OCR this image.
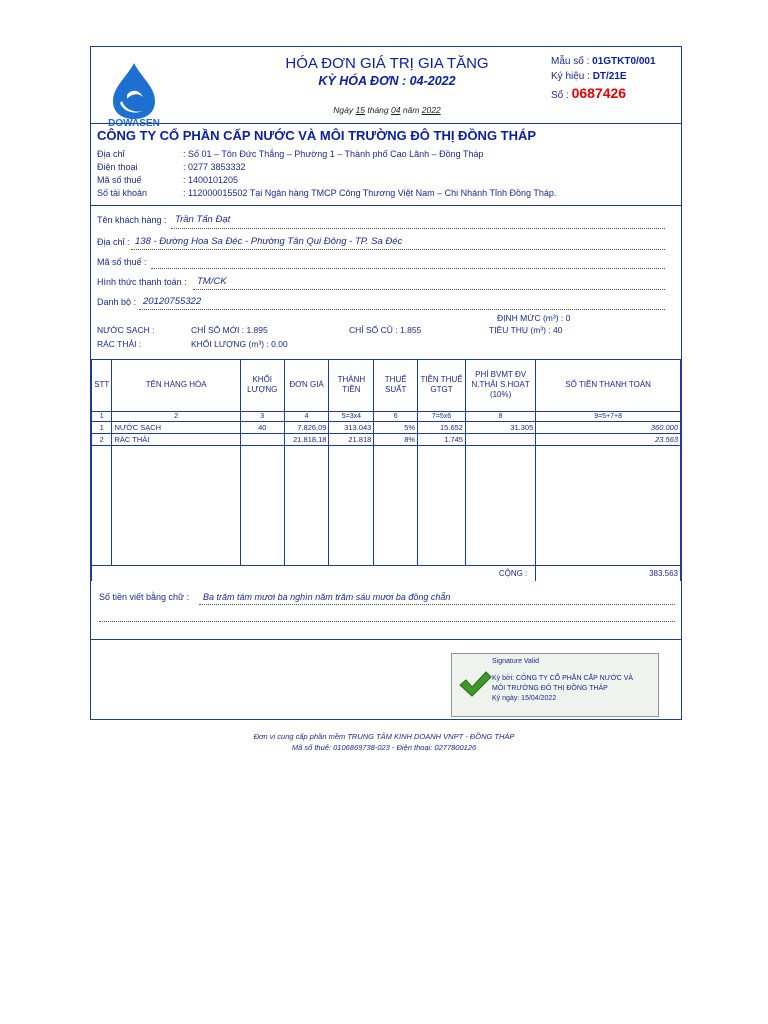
DOWASEN
HÓA ĐƠN GIÁ TRỊ GIA TĂNG
KỲ HÓA ĐƠN : 04-2022
Ngày 15 tháng 04 năm 2022
Mẫu số : 01GTKT0/001
Ký hiệu : DT/21E
Số : 0687426
CÔNG TY CỔ PHẦN CẤP NƯỚC VÀ MÔI TRƯỜNG ĐÔ THỊ ĐỒNG THÁP
Địa chỉ	: Số 01 – Tôn Đức Thắng – Phường 1 – Thành phố Cao Lãnh – Đồng Tháp
Điện thoại	: 0277 3853332
Mã số thuế	: 1400101205
Số tài khoản	: 112000015502 Tại Ngân hàng TMCP Công Thương Việt Nam – Chi Nhánh Tỉnh Đồng Tháp.
Tên khách hàng : Trần Tấn Đạt
Địa chỉ : 138 - Đường Hoa Sa Đéc - Phường Tân Qui Đông - TP. Sa Đéc
Mã số thuế :
Hình thức thanh toán : TM/CK
Danh bộ : 20120755322
ĐỊNH MỨC (m³) : 0
NƯỚC SẠCH :	CHỈ SỐ MỚI : 1.895	CHỈ SỐ CŨ : 1.855	TIÊU THỤ (m³) : 40
RÁC THẢI :	KHỐI LƯỢNG (m³) : 0.00
STT	TÊN HÀNG HÓA	KHỐI LƯỢNG	ĐƠN GIÁ	THÀNH TIỀN	THUẾ SUẤT	TIỀN THUẾ GTGT	PHÍ BVMT ĐV N.THẢI S.HOẠT (10%)	SỐ TIỀN THANH TOÁN
1	2	3	4	5=3x4	6	7=5x6	8	9=5+7+8
1	NƯỚC SẠCH	40	7.826,09	313.043	5%	15.652	31.305	360.000
2	RÁC THẢI		21.818,18	21.818	8%	1.745		23.563

CỘNG :								383.563
Số tiền viết bằng chữ : Ba trăm tám mươi ba nghìn năm trăm sáu mươi ba đồng chẵn
Signature Valid
Ký bởi: CÔNG TY CỔ PHẦN CẤP NƯỚC VÀ
MÔI TRƯỜNG ĐÔ THỊ ĐỒNG THÁP
Ký ngày: 15/04/2022
Đơn vị cung cấp phần mềm TRUNG TÂM KINH DOANH VNPT - ĐỒNG THÁP
Mã số thuế: 0106869738-023 - Điện thoại: 0277800126
